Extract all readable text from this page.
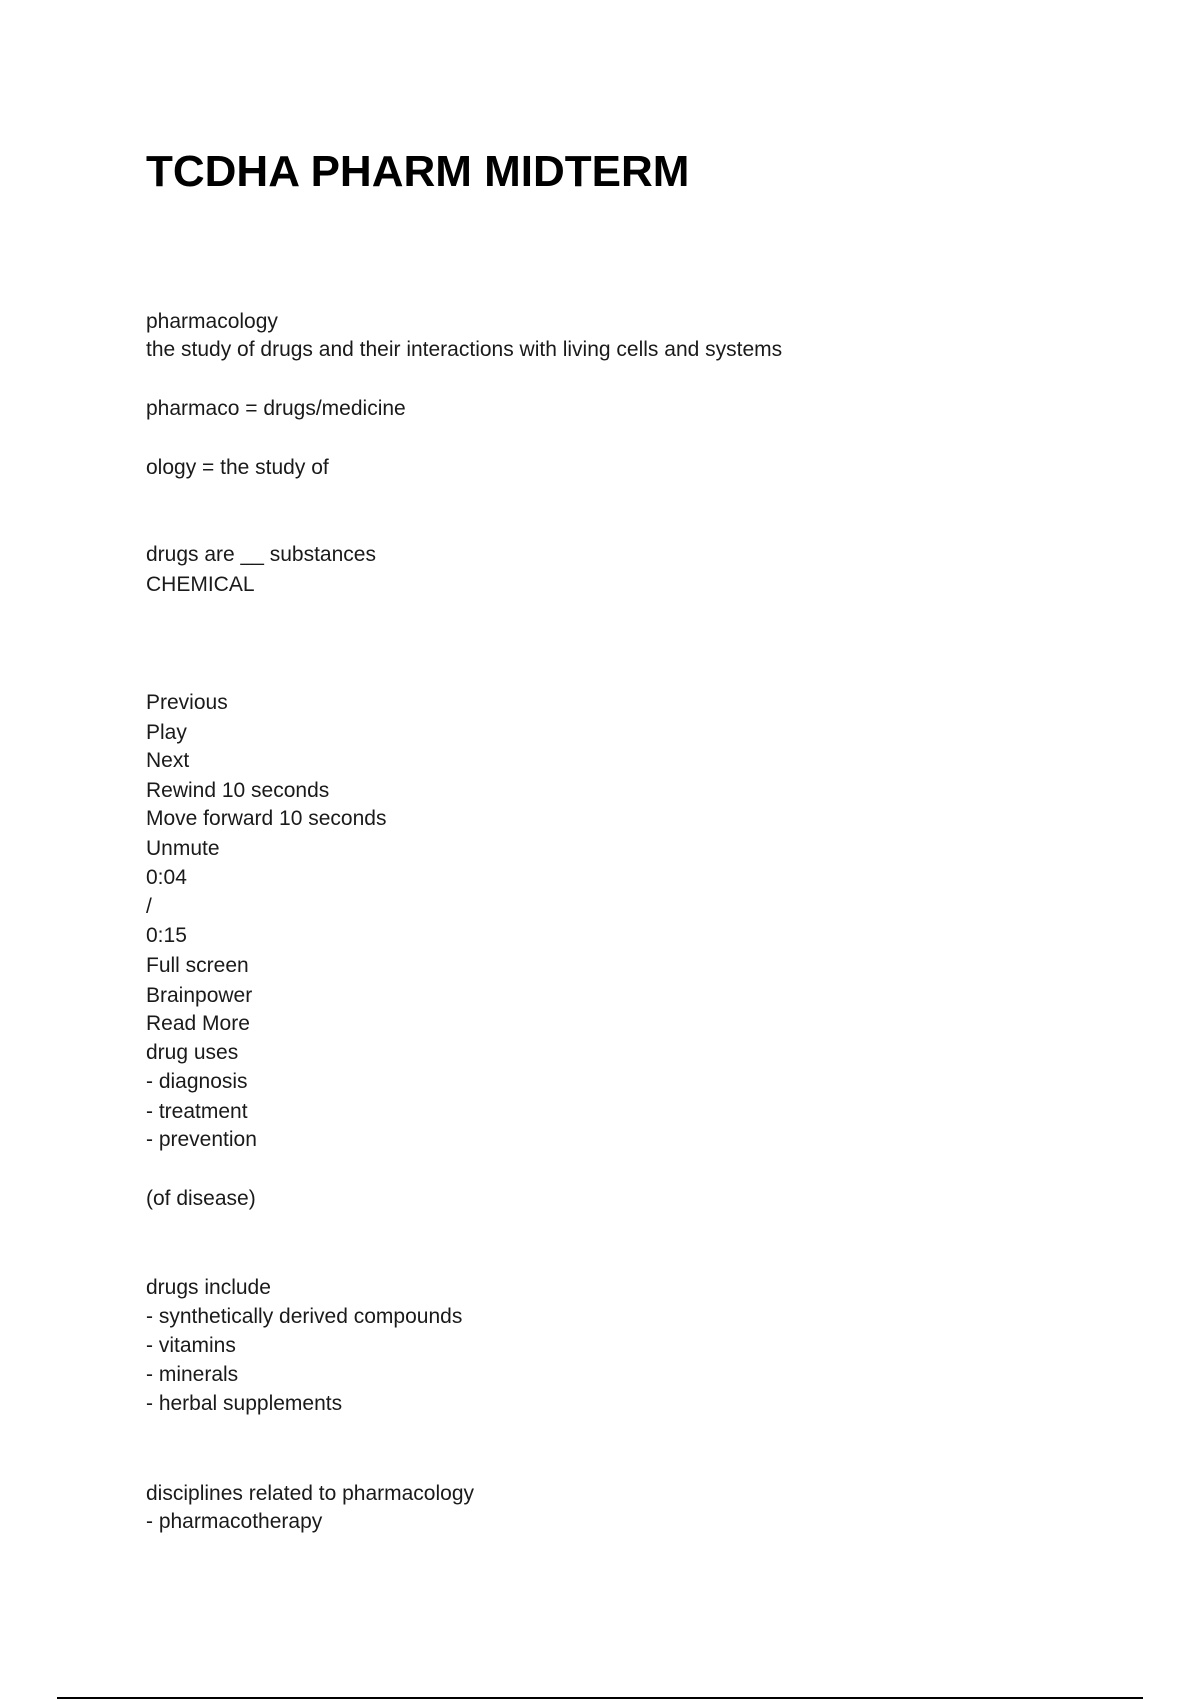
TCDHA PHARM MIDTERM
pharmacology
the study of drugs and their interactions with living cells and systems
pharmaco = drugs/medicine
ology = the study of
drugs are __ substances
CHEMICAL
Previous
Play
Next
Rewind 10 seconds
Move forward 10 seconds
Unmute
0:04
/
0:15
Full screen
Brainpower
Read More
drug uses
- diagnosis
- treatment
- prevention
(of disease)
drugs include
- synthetically derived compounds
- vitamins
- minerals
- herbal supplements
disciplines related to pharmacology
- pharmacotherapy
